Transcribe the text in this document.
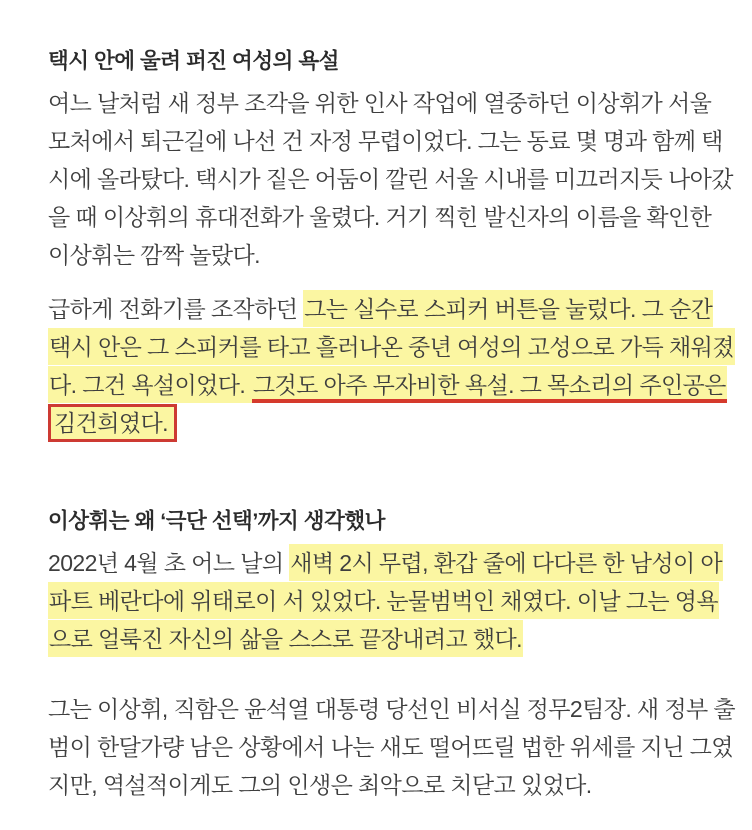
택시 안에 울려 퍼진 여성의 욕설
여느 날처럼 새 정부 조각을 위한 인사 작업에 열중하던 이상휘가 서울
모처에서 퇴근길에 나선 건 자정 무렵이었다. 그는 동료 몇 명과 함께 택
시에 올라탔다. 택시가 짙은 어둠이 깔린 서울 시내를 미끄러지듯 나아갔
을 때 이상휘의 휴대전화가 울렸다. 거기 찍힌 발신자의 이름을 확인한
이상휘는 깜짝 놀랐다.
급하게 전화기를 조작하던 그는 실수로 스피커 버튼을 눌렀다. 그 순간
택시 안은 그 스피커를 타고 흘러나온 중년 여성의 고성으로 가득 채워졌
다. 그건 욕설이었다. 그것도 아주 무자비한 욕설. 그 목소리의 주인공은
김건희였다.
이상휘는 왜 ‘극단 선택’까지 생각했나
2022년 4월 초 어느 날의 새벽 2시 무렵, 환갑 줄에 다다른 한 남성이 아
파트 베란다에 위태로이 서 있었다. 눈물범벅인 채였다. 이날 그는 영욕
으로 얼룩진 자신의 삶을 스스로 끝장내려고 했다.
그는 이상휘, 직함은 윤석열 대통령 당선인 비서실 정무2팀장. 새 정부 출
범이 한달가량 남은 상황에서 나는 새도 떨어뜨릴 법한 위세를 지닌 그였
지만, 역설적이게도 그의 인생은 최악으로 치닫고 있었다.
